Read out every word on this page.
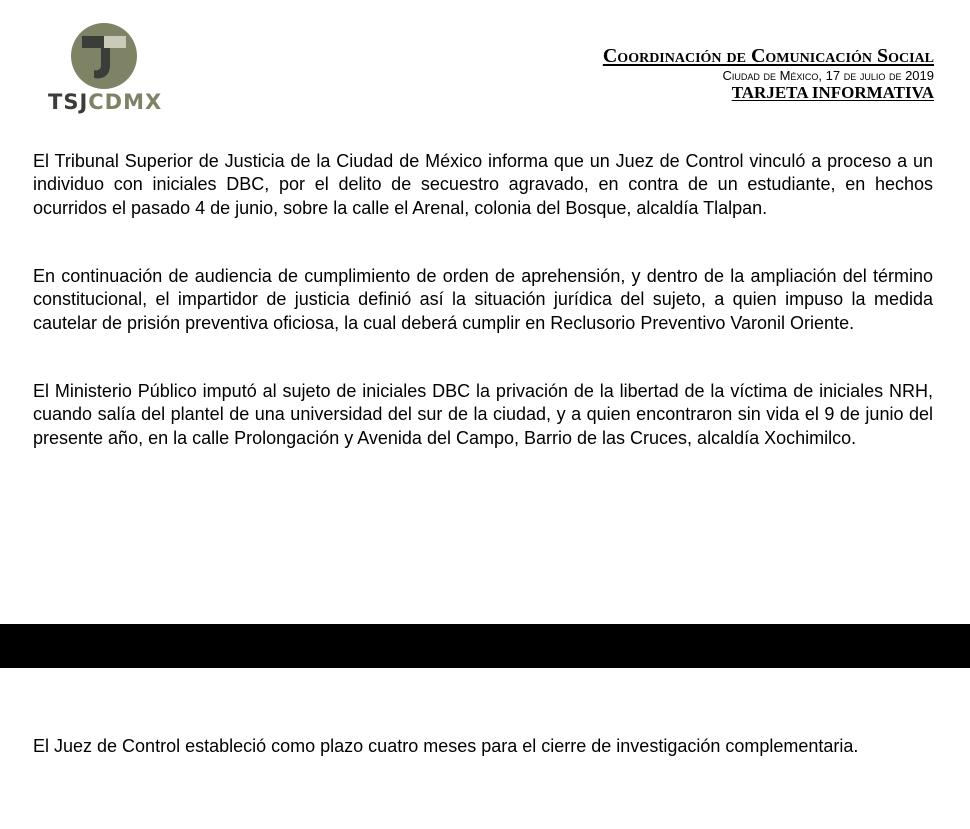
TSJCDMX
Coordinación de Comunicación Social
Ciudad de México, 17 de julio de 2019
TARJETA INFORMATIVA

El Tribunal Superior de Justicia de la Ciudad de México informa que un Juez de Control vinculó a proceso a un individuo con iniciales DBC, por el delito de secuestro agravado, en contra de un estudiante, en hechos ocurridos el pasado 4 de junio, sobre la calle el Arenal, colonia del Bosque, alcaldía Tlalpan.

En continuación de audiencia de cumplimiento de orden de aprehensión, y dentro de la ampliación del término constitucional, el impartidor de justicia definió así la situación jurídica del sujeto, a quien impuso la medida cautelar de prisión preventiva oficiosa, la cual deberá cumplir en Reclusorio Preventivo Varonil Oriente.

El Ministerio Público imputó al sujeto de iniciales DBC la privación de la libertad de la víctima de iniciales NRH, cuando salía del plantel de una universidad del sur de la ciudad, y a quien encontraron sin vida el 9 de junio del presente año, en la calle Prolongación y Avenida del Campo, Barrio de las Cruces, alcaldía Xochimilco.

El Juez de Control estableció como plazo cuatro meses para el cierre de investigación complementaria.
